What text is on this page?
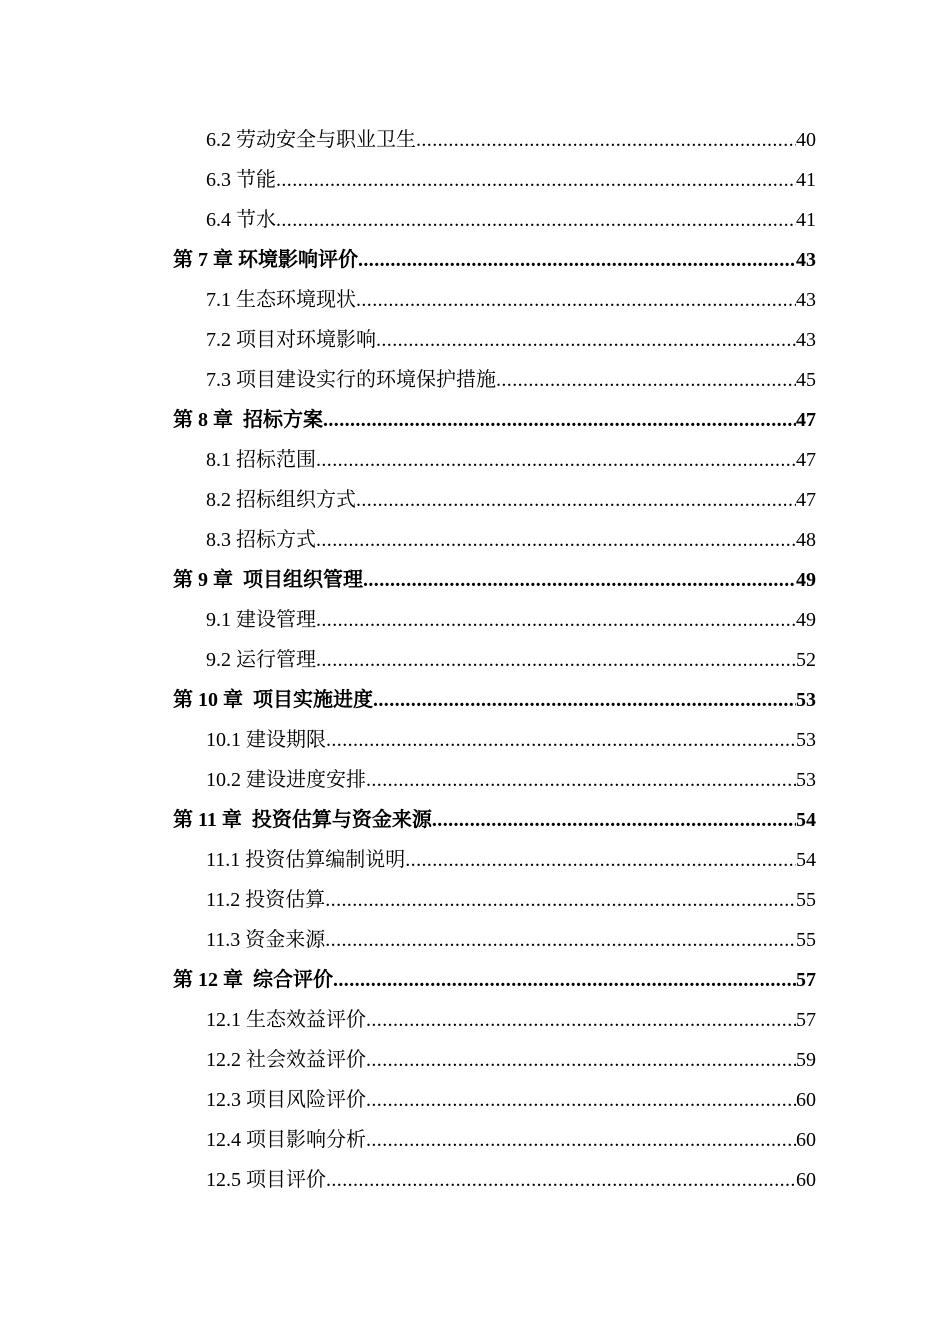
6.2 劳动安全与职业卫生 .....	40
6.3 节能 .....	41
6.4 节水 .....	41
第 7 章 环境影响评价 .....	43
7.1 生态环境现状 .....	43
7.2 项目对环境影响 .....	43
7.3 项目建设实行的环境保护措施 .....	45
第 8 章  招标方案 .....	47
8.1 招标范围 .....	47
8.2 招标组织方式 .....	47
8.3 招标方式 .....	48
第 9 章  项目组织管理 .....	49
9.1 建设管理 .....	49
9.2 运行管理 .....	52
第 10 章  项目实施进度 .....	53
10.1 建设期限 .....	53
10.2 建设进度安排 .....	53
第 11 章  投资估算与资金来源 .....	54
11.1 投资估算编制说明 .....	54
11.2 投资估算 .....	55
11.3 资金来源 .....	55
第 12 章  综合评价 .....	57
12.1 生态效益评价 .....	57
12.2 社会效益评价 .....	59
12.3 项目风险评价 .....	60
12.4 项目影响分析 .....	60
12.5 项目评价 .....	60
